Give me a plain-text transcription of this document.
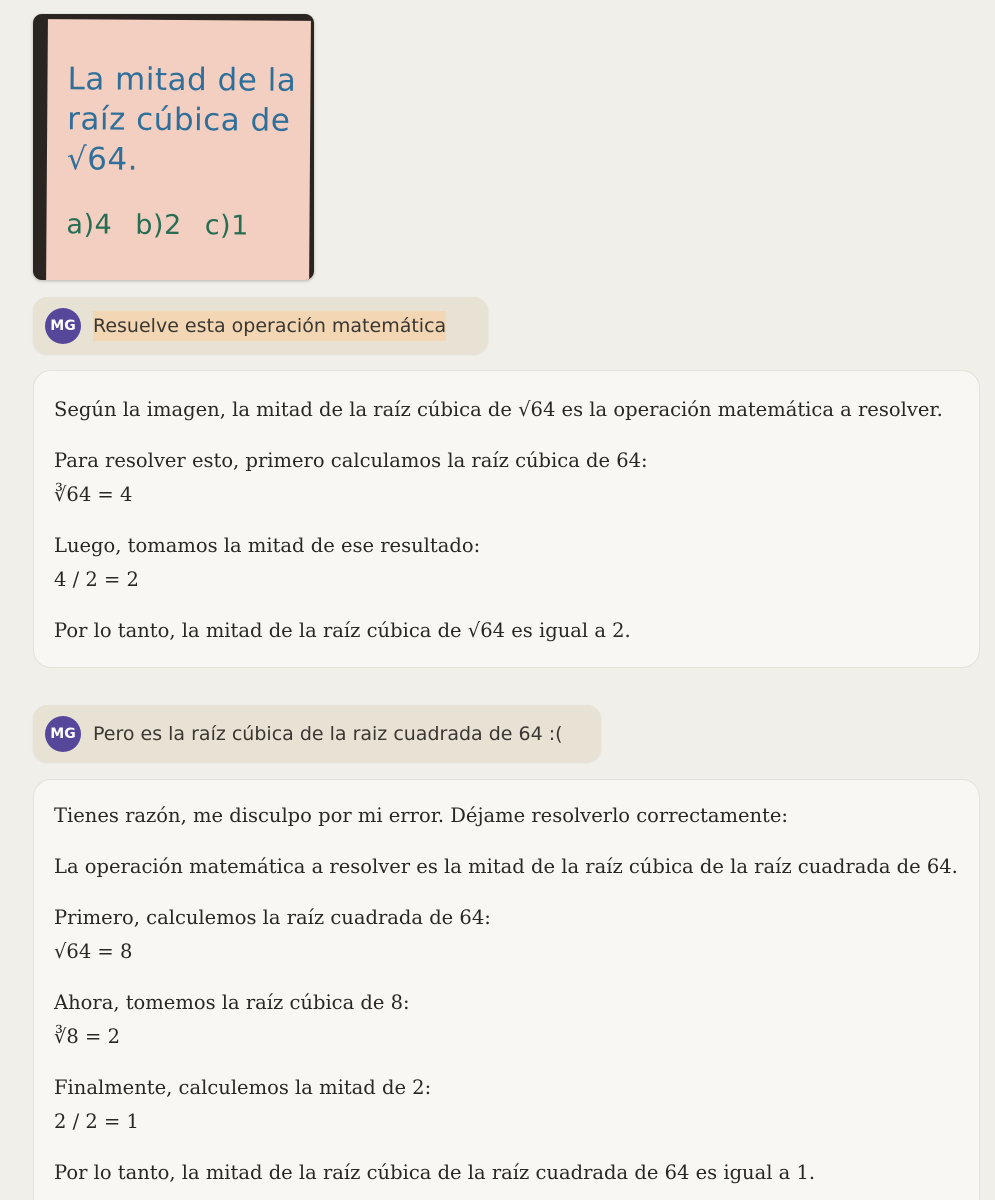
La mitad de la
raíz cúbica de
√64.
a)4 b)2 c)1
MG Resuelve esta operación matemática

Según la imagen, la mitad de la raíz cúbica de √64 es la operación matemática a resolver.

Para resolver esto, primero calculamos la raíz cúbica de 64:

∛64 = 4

Luego, tomamos la mitad de ese resultado:

4 / 2 = 2

Por lo tanto, la mitad de la raíz cúbica de √64 es igual a 2.

MG Pero es la raíz cúbica de la raiz cuadrada de 64 :(

Tienes razón, me disculpo por mi error. Déjame resolverlo correctamente:

La operación matemática a resolver es la mitad de la raíz cúbica de la raíz cuadrada de 64.

Primero, calculemos la raíz cuadrada de 64:

√64 = 8

Ahora, tomemos la raíz cúbica de 8:

∛8 = 2

Finalmente, calculemos la mitad de 2:

2 / 2 = 1

Por lo tanto, la mitad de la raíz cúbica de la raíz cuadrada de 64 es igual a 1.
